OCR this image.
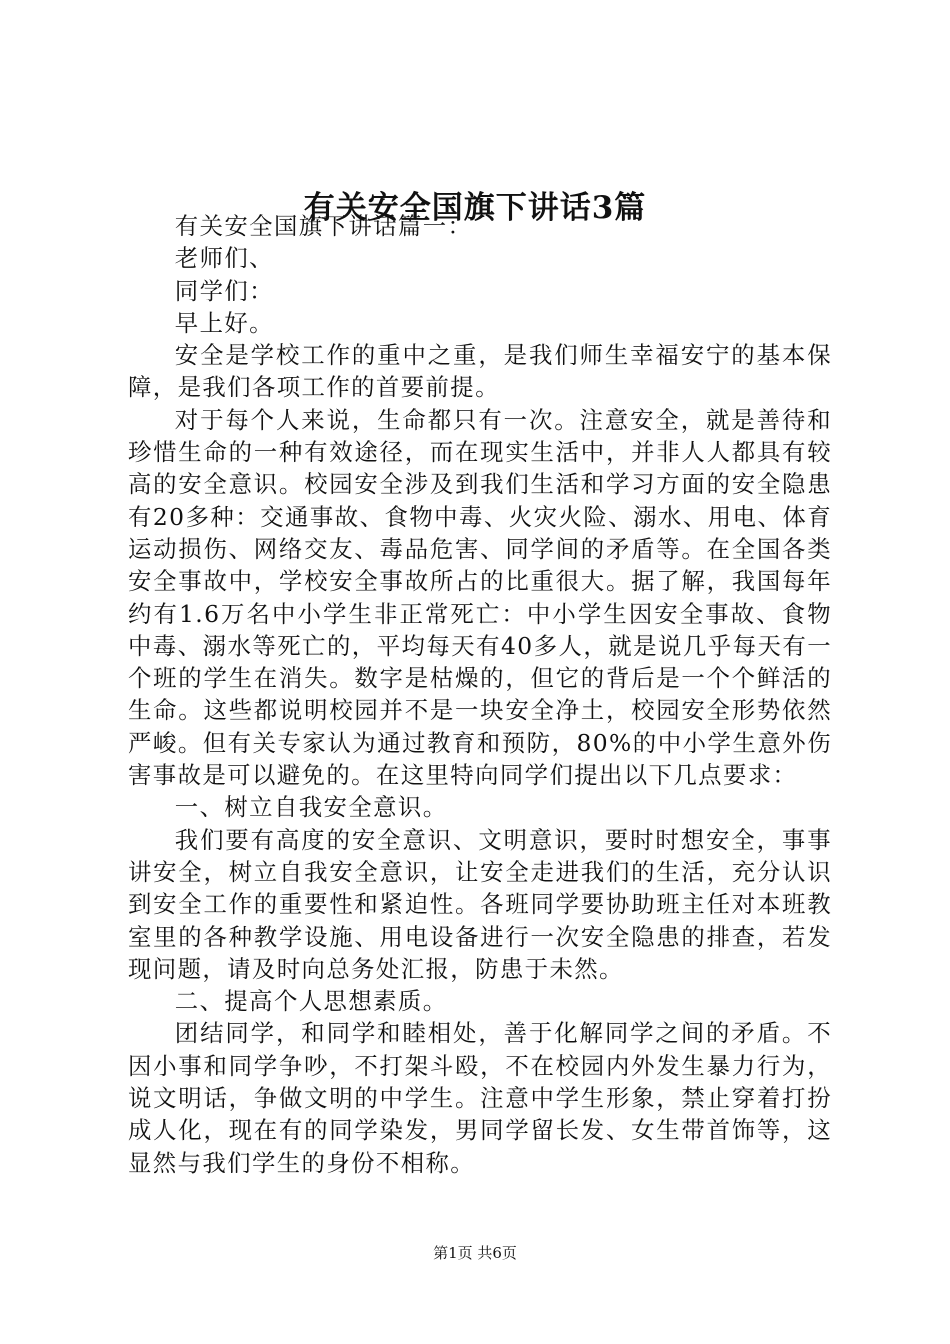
有关安全国旗下讲话3篇

有关安全国旗下讲话篇一：

老师们、

同学们：

早上好。

安全是学校工作的重中之重，是我们师生幸福安宁的基本保障，是我们各项工作的首要前提。

对于每个人来说，生命都只有一次。注意安全，就是善待和珍惜生命的一种有效途径，而在现实生活中，并非人人都具有较高的安全意识。校园安全涉及到我们生活和学习方面的安全隐患有20多种：交通事故、食物中毒、火灾火险、溺水、用电、体育运动损伤、网络交友、毒品危害、同学间的矛盾等。在全国各类安全事故中，学校安全事故所占的比重很大。据了解，我国每年约有1.6万名中小学生非正常死亡：中小学生因安全事故、食物中毒、溺水等死亡的，平均每天有40多人，就是说几乎每天有一个班的学生在消失。数字是枯燥的，但它的背后是一个个鲜活的生命。这些都说明校园并不是一块安全净土，校园安全形势依然严峻。但有关专家认为通过教育和预防，80%的中小学生意外伤害事故是可以避免的。在这里特向同学们提出以下几点要求：

一、树立自我安全意识。

我们要有高度的安全意识、文明意识，要时时想安全，事事讲安全，树立自我安全意识，让安全走进我们的生活，充分认识到安全工作的重要性和紧迫性。各班同学要协助班主任对本班教室里的各种教学设施、用电设备进行一次安全隐患的排查，若发现问题，请及时向总务处汇报，防患于未然。

二、提高个人思想素质。

团结同学，和同学和睦相处，善于化解同学之间的矛盾。不因小事和同学争吵，不打架斗殴，不在校园内外发生暴力行为，说文明话，争做文明的中学生。注意中学生形象，禁止穿着打扮成人化，现在有的同学染发，男同学留长发、女生带首饰等，这显然与我们学生的身份不相称。

第1页 共6页
